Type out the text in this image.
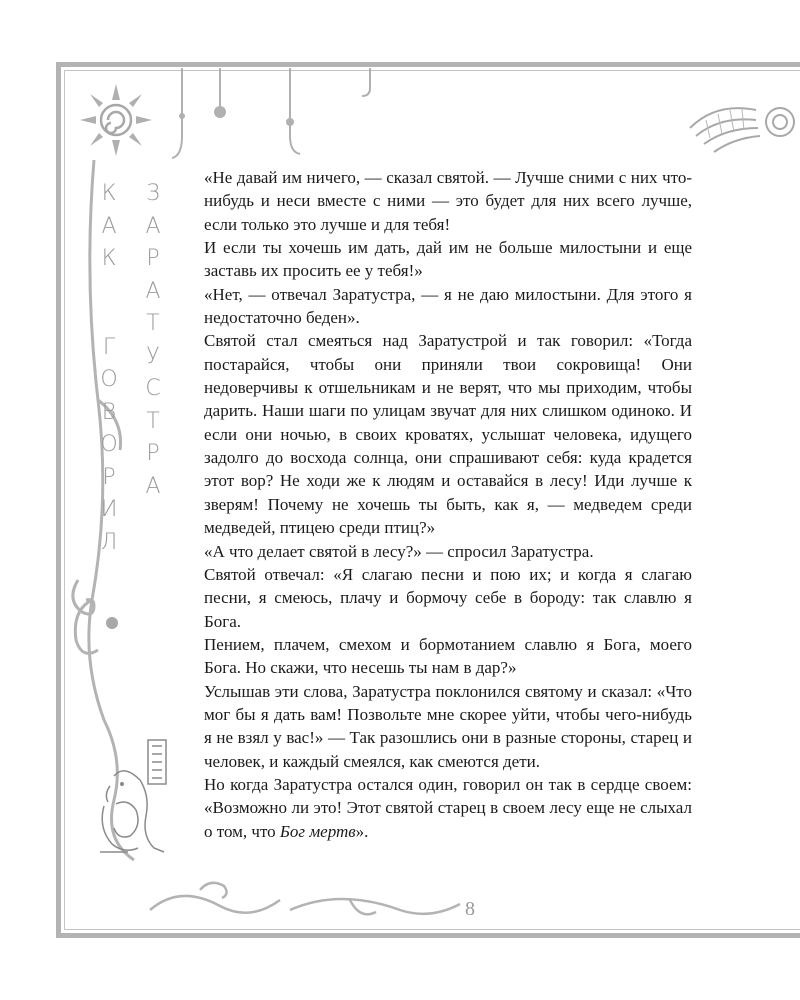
К
А
К
Г
О
В
О
Р
И
Л
З
А
Р
А
Т
У
С
Т
Р
А

«Не давай им ничего, — сказал святой. — Лучше сними с них что-нибудь и неси вместе с ними — это будет для них всего лучше, если только это лучше и для тебя!

И если ты хочешь им дать, дай им не больше милостыни и еще заставь их просить ее у тебя!»

«Нет, — отвечал Заратустра, — я не даю милостыни. Для этого я недостаточно беден».

Святой стал смеяться над Заратустрой и так говорил: «Тогда постарайся, чтобы они приняли твои сокровища! Они недоверчивы к отшельникам и не верят, что мы приходим, чтобы дарить. Наши шаги по улицам звучат для них слишком одиноко. И если они ночью, в своих кроватях, услышат человека, идущего задолго до восхода солнца, они спрашивают себя: куда крадется этот вор? Не ходи же к людям и оставайся в лесу! Иди лучше к зверям! Почему не хочешь ты быть, как я, — медведем среди медведей, птицею среди птиц?»

«А что делает святой в лесу?» — спросил Заратустра.

Святой отвечал: «Я слагаю песни и пою их; и когда я слагаю песни, я смеюсь, плачу и бормочу себе в бороду: так славлю я Бога.

Пением, плачем, смехом и бормотанием славлю я Бога, моего Бога. Но скажи, что несешь ты нам в дар?»

Услышав эти слова, Заратустра поклонился святому и сказал: «Что мог бы я дать вам! Позвольте мне скорее уйти, чтобы чего-нибудь я не взял у вас!» — Так разошлись они в разные стороны, старец и человек, и каждый смеялся, как смеются дети.

Но когда Заратустра остался один, говорил он так в сердце своем: «Возможно ли это! Этот святой старец в своем лесу еще не слыхал о том, что Бог мертв».

8
